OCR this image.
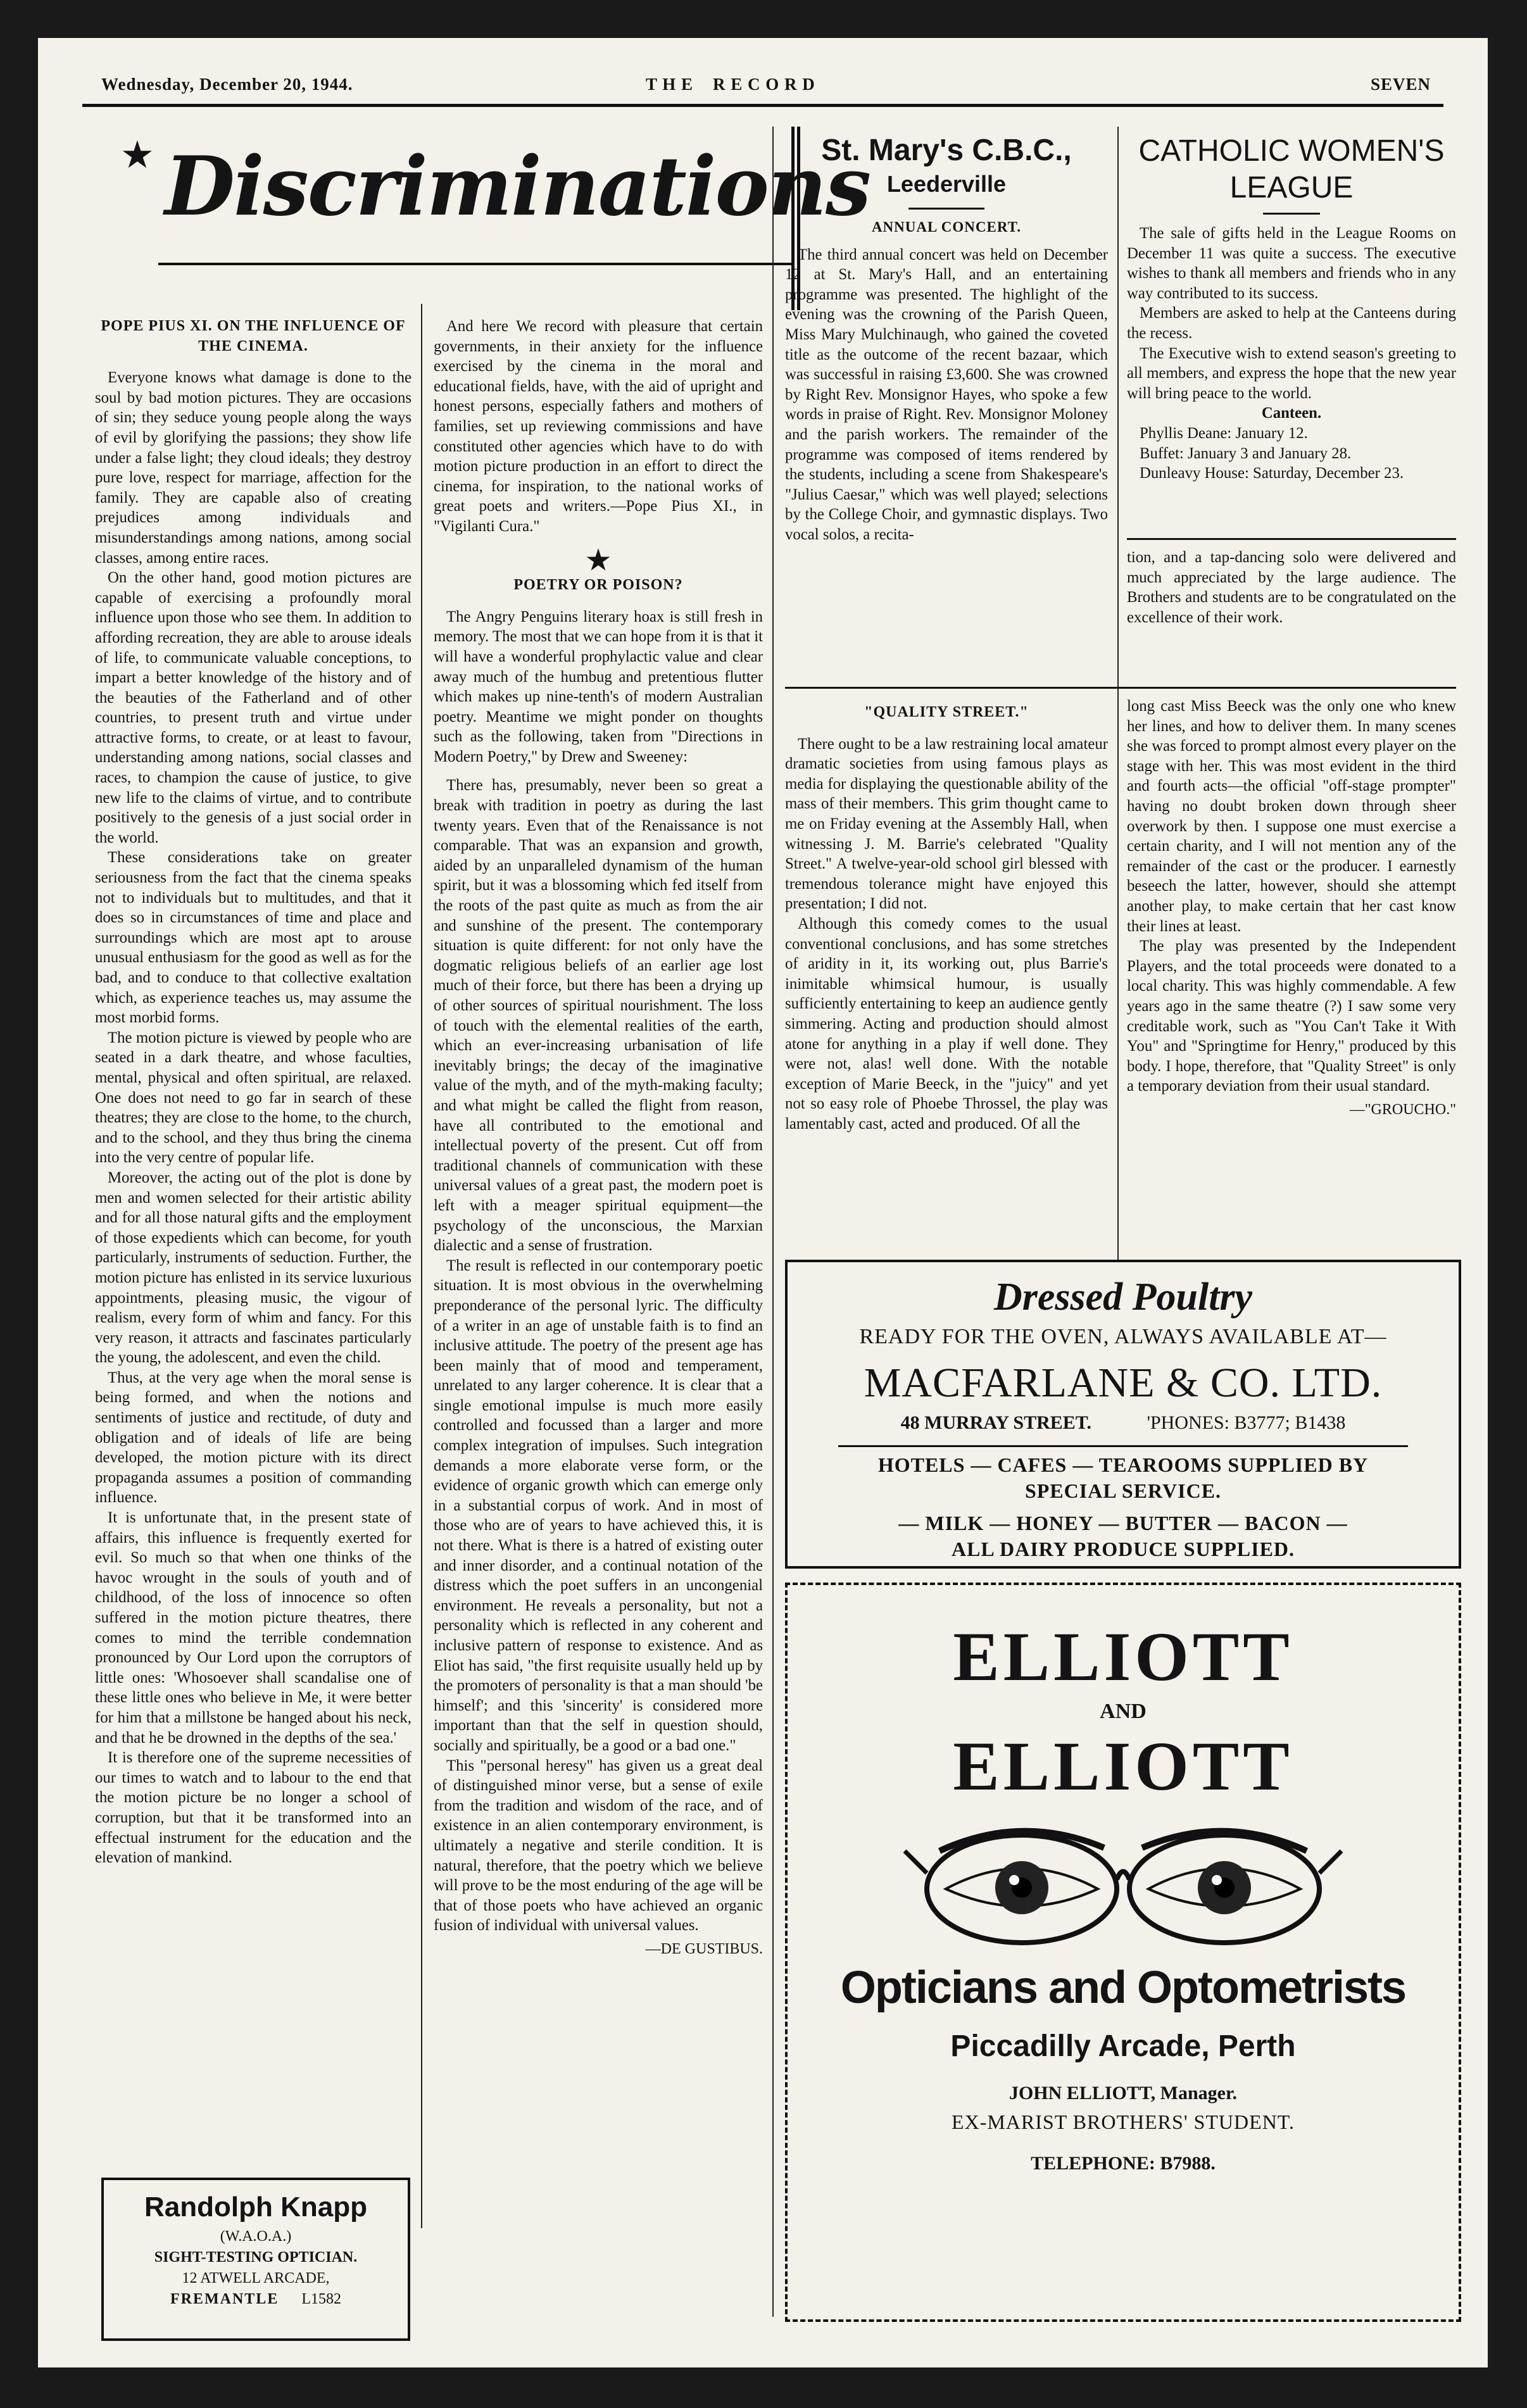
Wednesday, December 20, 1944.	T H E    R E C O R D	SEVEN
★ Discriminations
POPE PIUS XI. ON THE INFLUENCE OF THE CINEMA.

Everyone knows what damage is done to the soul by bad motion pictures. They are occasions of sin; they seduce young people along the ways of evil by glorifying the passions; they show life under a false light; they cloud ideals; they destroy pure love, respect for marriage, affection for the family. They are capable also of creating prejudices among individuals and misunderstandings among nations, among social classes, among entire races.

On the other hand, good motion pictures are capable of exercising a profoundly moral influence upon those who see them. In addition to affording recreation, they are able to arouse ideals of life, to communicate valuable conceptions, to impart a better knowledge of the history and of the beauties of the Fatherland and of other countries, to present truth and virtue under attractive forms, to create, or at least to favour, understanding among nations, social classes and races, to champion the cause of justice, to give new life to the claims of virtue, and to contribute positively to the genesis of a just social order in the world.

These considerations take on greater seriousness from the fact that the cinema speaks not to individuals but to multitudes, and that it does so in circumstances of time and place and surroundings which are most apt to arouse unusual enthusiasm for the good as well as for the bad, and to conduce to that collective exaltation which, as experience teaches us, may assume the most morbid forms.

The motion picture is viewed by people who are seated in a dark theatre, and whose faculties, mental, physical and often spiritual, are relaxed. One does not need to go far in search of these theatres; they are close to the home, to the church, and to the school, and they thus bring the cinema into the very centre of popular life.

Moreover, the acting out of the plot is done by men and women selected for their artistic ability and for all those natural gifts and the employment of those expedients which can become, for youth particularly, instruments of seduction. Further, the motion picture has enlisted in its service luxurious appointments, pleasing music, the vigour of realism, every form of whim and fancy. For this very reason, it attracts and fascinates particularly the young, the adolescent, and even the child.

Thus, at the very age when the moral sense is being formed, and when the notions and sentiments of justice and rectitude, of duty and obligation and of ideals of life are being developed, the motion picture with its direct propaganda assumes a position of commanding influence.

It is unfortunate that, in the present state of affairs, this influence is frequently exerted for evil. So much so that when one thinks of the havoc wrought in the souls of youth and of childhood, of the loss of innocence so often suffered in the motion picture theatres, there comes to mind the terrible condemnation pronounced by Our Lord upon the corruptors of little ones: 'Whosoever shall scandalise one of these little ones who believe in Me, it were better for him that a millstone be hanged about his neck, and that he be drowned in the depths of the sea.'

It is therefore one of the supreme necessities of our times to watch and to labour to the end that the motion picture be no longer a school of corruption, but that it be transformed into an effectual instrument for the education and the elevation of mankind.

Randolph Knapp
(W.A.O.A.)
SIGHT-TESTING OPTICIAN.
12 ATWELL ARCADE,
FREMANTLE L1582

And here We record with pleasure that certain governments, in their anxiety for the influence exercised by the cinema in the moral and educational fields, have, with the aid of upright and honest persons, especially fathers and mothers of families, set up reviewing commissions and have constituted other agencies which have to do with motion picture production in an effort to direct the cinema, for inspiration, to the national works of great poets and writers.—Pope Pius XI., in "Vigilanti Cura."

★
POETRY OR POISON?

The Angry Penguins literary hoax is still fresh in memory. The most that we can hope from it is that it will have a wonderful prophylactic value and clear away much of the humbug and pretentious flutter which makes up nine-tenth's of modern Australian poetry. Meantime we might ponder on thoughts such as the following, taken from "Directions in Modern Poetry," by Drew and Sweeney:

There has, presumably, never been so great a break with tradition in poetry as during the last twenty years. Even that of the Renaissance is not comparable. That was an expansion and growth, aided by an unparalleled dynamism of the human spirit, but it was a blossoming which fed itself from the roots of the past quite as much as from the air and sunshine of the present. The contemporary situation is quite different: for not only have the dogmatic religious beliefs of an earlier age lost much of their force, but there has been a drying up of other sources of spiritual nourishment. The loss of touch with the elemental realities of the earth, which an ever-increasing urbanisation of life inevitably brings; the decay of the imaginative value of the myth, and of the myth-making faculty; and what might be called the flight from reason, have all contributed to the emotional and intellectual poverty of the present. Cut off from traditional channels of communication with these universal values of a great past, the modern poet is left with a meager spiritual equipment—the psychology of the unconscious, the Marxian dialectic and a sense of frustration.

The result is reflected in our contemporary poetic situation. It is most obvious in the overwhelming preponderance of the personal lyric. The difficulty of a writer in an age of unstable faith is to find an inclusive attitude. The poetry of the present age has been mainly that of mood and temperament, unrelated to any larger coherence. It is clear that a single emotional impulse is much more easily controlled and focussed than a larger and more complex integration of impulses. Such integration demands a more elaborate verse form, or the evidence of organic growth which can emerge only in a substantial corpus of work. And in most of those who are of years to have achieved this, it is not there. What is there is a hatred of existing outer and inner disorder, and a continual notation of the distress which the poet suffers in an uncongenial environment. He reveals a personality, but not a personality which is reflected in any coherent and inclusive pattern of response to existence. And as Eliot has said, "the first requisite usually held up by the promoters of personality is that a man should 'be himself'; and this 'sincerity' is considered more important than that the self in question should, socially and spiritually, be a good or a bad one."

This "personal heresy" has given us a great deal of distinguished minor verse, but a sense of exile from the tradition and wisdom of the race, and of existence in an alien contemporary environment, is ultimately a negative and sterile condition. It is natural, therefore, that the poetry which we believe will prove to be the most enduring of the age will be that of those poets who have achieved an organic fusion of individual with universal values.

—DE GUSTIBUS.
St. Mary's C.B.C.,
Leederville
ANNUAL CONCERT.

The third annual concert was held on December 12 at St. Mary's Hall, and an entertaining programme was presented. The highlight of the evening was the crowning of the Parish Queen, Miss Mary Mulchinaugh, who gained the coveted title as the outcome of the recent bazaar, which was successful in raising £3,600. She was crowned by Right Rev. Monsignor Hayes, who spoke a few words in praise of Right. Rev. Monsignor Moloney and the parish workers. The remainder of the programme was composed of items rendered by the students, including a scene from Shakespeare's "Julius Caesar," which was well played; selections by the College Choir, and gymnastic displays. Two vocal solos, a recita-

CATHOLIC WOMEN'S LEAGUE

The sale of gifts held in the League Rooms on December 11 was quite a success. The executive wishes to thank all members and friends who in any way contributed to its success.

Members are asked to help at the Canteens during the recess.

The Executive wish to extend season's greeting to all members, and express the hope that the new year will bring peace to the world.

Canteen.

Phyllis Deane: January 12.

Buffet: January 3 and January 28.

Dunleavy House: Saturday, December 23.

tion, and a tap-dancing solo were delivered and much appreciated by the large audience. The Brothers and students are to be congratulated on the excellence of their work.

"QUALITY STREET."

There ought to be a law restraining local amateur dramatic societies from using famous plays as media for displaying the questionable ability of the mass of their members. This grim thought came to me on Friday evening at the Assembly Hall, when witnessing J. M. Barrie's celebrated "Quality Street." A twelve-year-old school girl blessed with tremendous tolerance might have enjoyed this presentation; I did not.

Although this comedy comes to the usual conventional conclusions, and has some stretches of aridity in it, its working out, plus Barrie's inimitable whimsical humour, is usually sufficiently entertaining to keep an audience gently simmering. Acting and production should almost atone for anything in a play if well done. They were not, alas! well done. With the notable exception of Marie Beeck, in the "juicy" and yet not so easy role of Phoebe Throssel, the play was lamentably cast, acted and produced. Of all the

long cast Miss Beeck was the only one who knew her lines, and how to deliver them. In many scenes she was forced to prompt almost every player on the stage with her. This was most evident in the third and fourth acts—the official "off-stage prompter" having no doubt broken down through sheer overwork by then. I suppose one must exercise a certain charity, and I will not mention any of the remainder of the cast or the producer. I earnestly beseech the latter, however, should she attempt another play, to make certain that her cast know their lines at least.

The play was presented by the Independent Players, and the total proceeds were donated to a local charity. This was highly commendable. A few years ago in the same theatre (?) I saw some very creditable work, such as "You Can't Take it With You" and "Springtime for Henry," produced by this body. I hope, therefore, that "Quality Street" is only a temporary deviation from their usual standard.

—"GROUCHO."
Dressed Poultry
READY FOR THE OVEN, ALWAYS AVAILABLE AT—
MACFARLANE & CO. LTD.
48 MURRAY STREET.	'PHONES: B3777; B1438
HOTELS — CAFES — TEAROOMS SUPPLIED BY
SPECIAL SERVICE.
— MILK — HONEY — BUTTER — BACON —
ALL DAIRY PRODUCE SUPPLIED.
ELLIOTT
AND
ELLIOTT
Opticians and Optometrists
Piccadilly Arcade, Perth
JOHN ELLIOTT, Manager.
EX-MARIST BROTHERS' STUDENT.
TELEPHONE: B7988.
